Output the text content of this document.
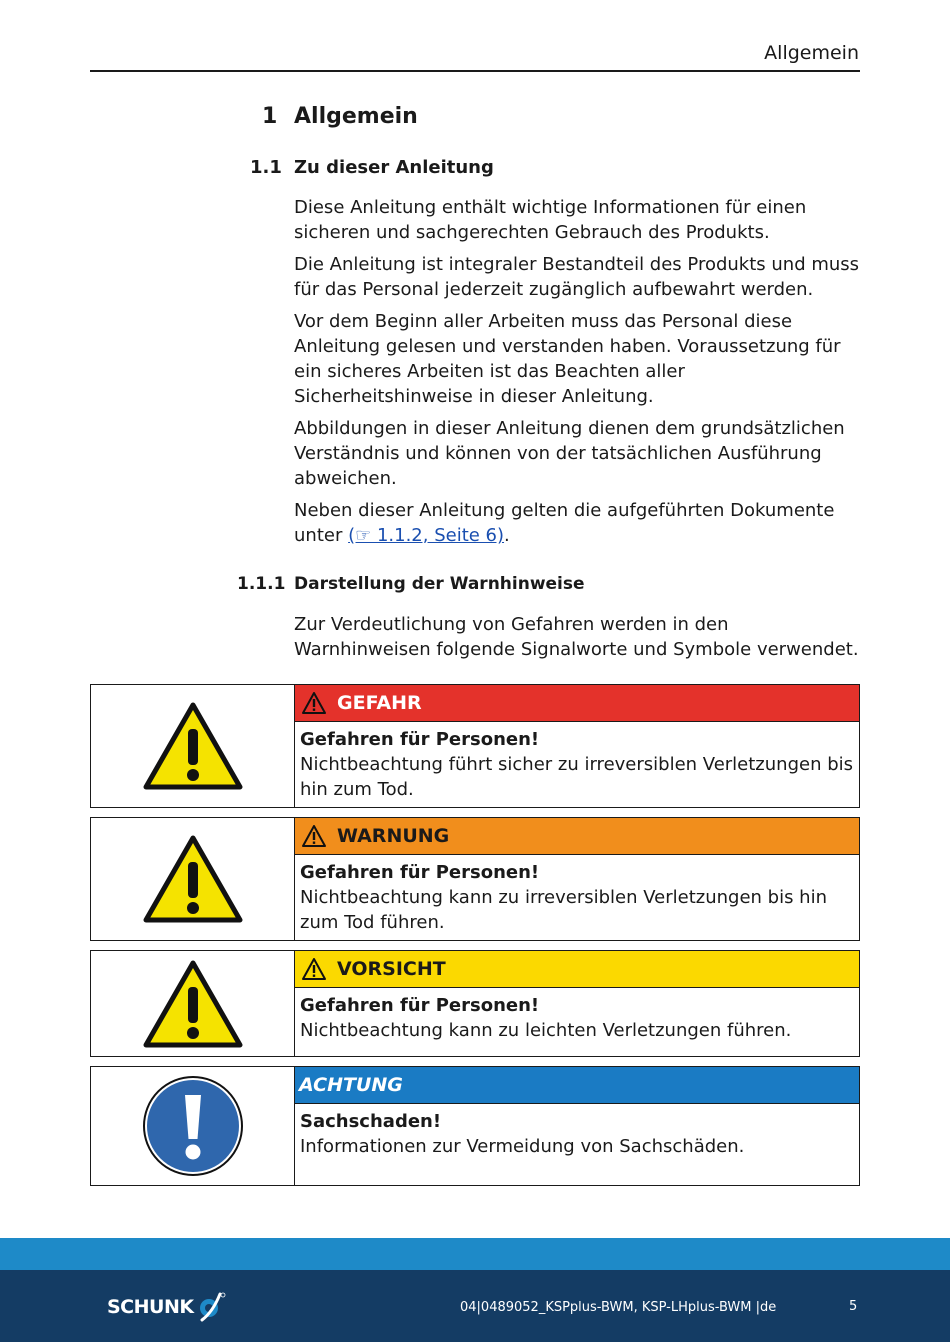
Allgemein
1 Allgemein
1.1 Zu dieser Anleitung

Diese Anleitung enthält wichtige Informationen für einen sicheren und sachgerechten Gebrauch des Produkts.

Die Anleitung ist integraler Bestandteil des Produkts und muss für das Personal jederzeit zugänglich aufbewahrt werden.

Vor dem Beginn aller Arbeiten muss das Personal diese Anleitung gelesen und verstanden haben. Voraussetzung für ein sicheres Arbeiten ist das Beachten aller Sicherheitshinweise in dieser Anleitung.

Abbildungen in dieser Anleitung dienen dem grundsätzlichen Verständnis und können von der tatsächlichen Ausführung abweichen.

Neben dieser Anleitung gelten die aufgeführten Dokumente unter (☞ 1.1.2, Seite 6).

1.1.1 Darstellung der Warnhinweise

Zur Verdeutlichung von Gefahren werden in den Warnhinweisen folgende Signalworte und Symbole verwendet.

GEFAHR
Gefahren für Personen!
Nichtbeachtung führt sicher zu irreversiblen Verletzungen bis hin zum Tod.
WARNUNG
Gefahren für Personen!
Nichtbeachtung kann zu irreversiblen Verletzungen bis hin zum Tod führen.
VORSICHT
Gefahren für Personen!
Nichtbeachtung kann zu leichten Verletzungen führen.
ACHTUNG
Sachschaden!
Informationen zur Vermeidung von Sachschäden.
SCHUNK	04|0489052_KSPplus-BWM, KSP-LHplus-BWM |de	5
